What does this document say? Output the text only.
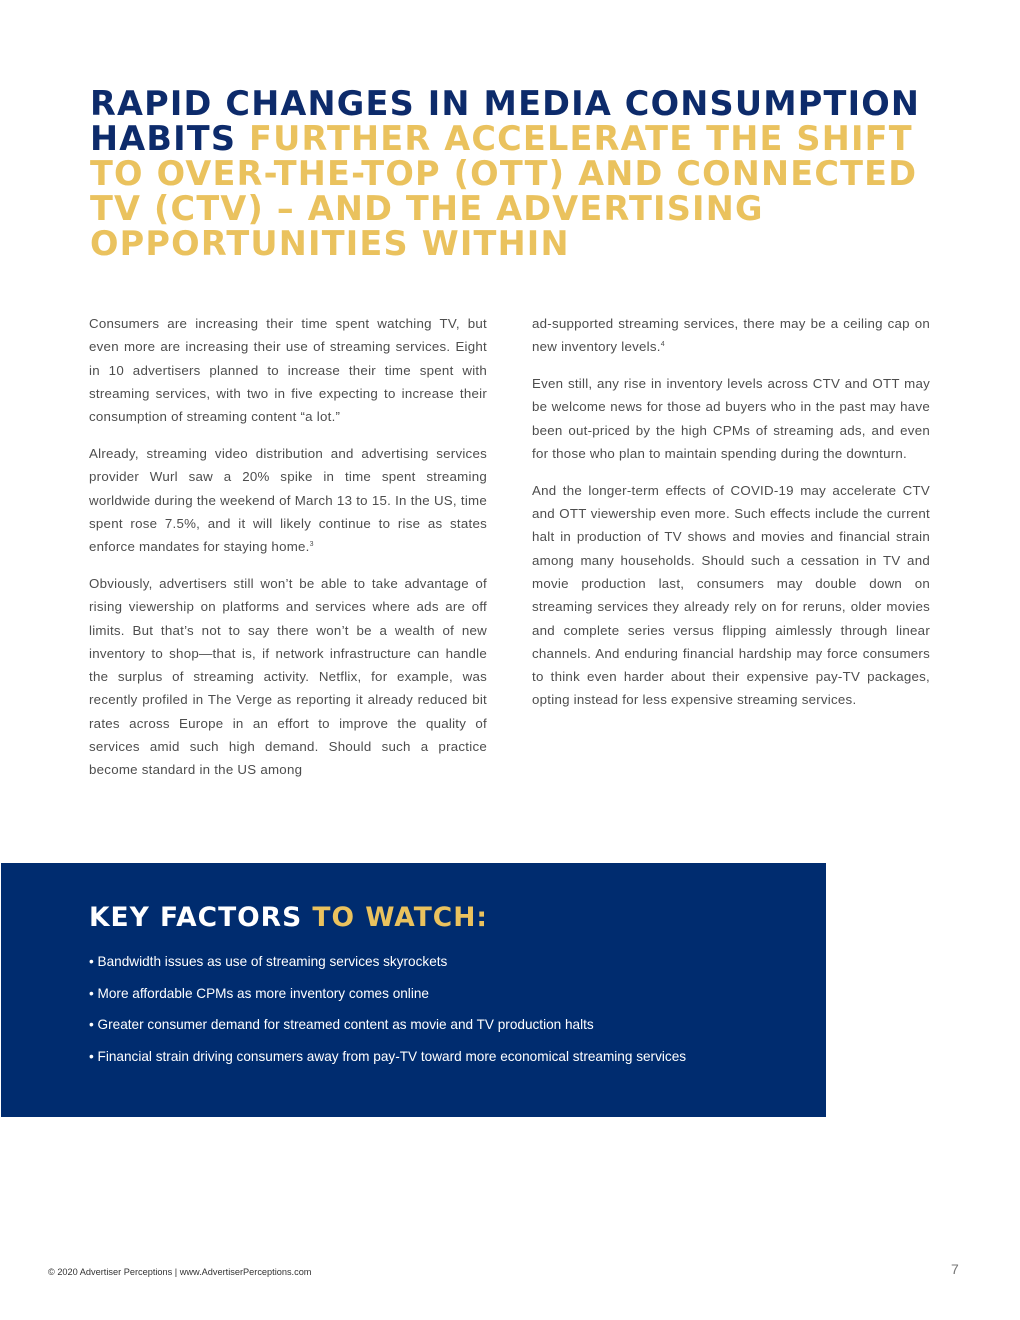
RAPID CHANGES IN MEDIA CONSUMPTION HABITS FURTHER ACCELERATE THE SHIFT TO OVER-THE-TOP (OTT) AND CONNECTED TV (CTV) – AND THE ADVERTISING OPPORTUNITIES WITHIN

Consumers are increasing their time spent watching TV, but even more are increasing their use of streaming services. Eight in 10 advertisers planned to increase their time spent with streaming services, with two in five expecting to increase their consumption of streaming content “a lot.”

Already, streaming video distribution and advertising services provider Wurl saw a 20% spike in time spent streaming worldwide during the weekend of March 13 to 15. In the US, time spent rose 7.5%, and it will likely continue to rise as states enforce mandates for staying home.$^3$

Obviously, advertisers still won’t be able to take advantage of rising viewership on platforms and services where ads are off limits. But that’s not to say there won’t be a wealth of new inventory to shop—that is, if network infrastructure can handle the surplus of streaming activity. Netflix, for example, was recently profiled in The Verge as reporting it already reduced bit rates across Europe in an effort to improve the quality of services amid such high demand. Should such a practice become standard in the US among

ad-supported streaming services, there may be a ceiling cap on new inventory levels.$^4$

Even still, any rise in inventory levels across CTV and OTT may be welcome news for those ad buyers who in the past may have been out-priced by the high CPMs of streaming ads, and even for those who plan to maintain spending during the downturn.

And the longer-term effects of COVID-19 may accelerate CTV and OTT viewership even more. Such effects include the current halt in production of TV shows and movies and financial strain among many households. Should such a cessation in TV and movie production last, consumers may double down on streaming services they already rely on for reruns, older movies and complete series versus flipping aimlessly through linear channels. And enduring financial hardship may force consumers to think even harder about their expensive pay-TV packages, opting instead for less expensive streaming services.

KEY FACTORS TO WATCH:
• Bandwidth issues as use of streaming services skyrockets
• More affordable CPMs as more inventory comes online
• Greater consumer demand for streamed content as movie and TV production halts
• Financial strain driving consumers away from pay-TV toward more economical streaming services
© 2020 Advertiser Perceptions | www.AdvertiserPerceptions.com	7
